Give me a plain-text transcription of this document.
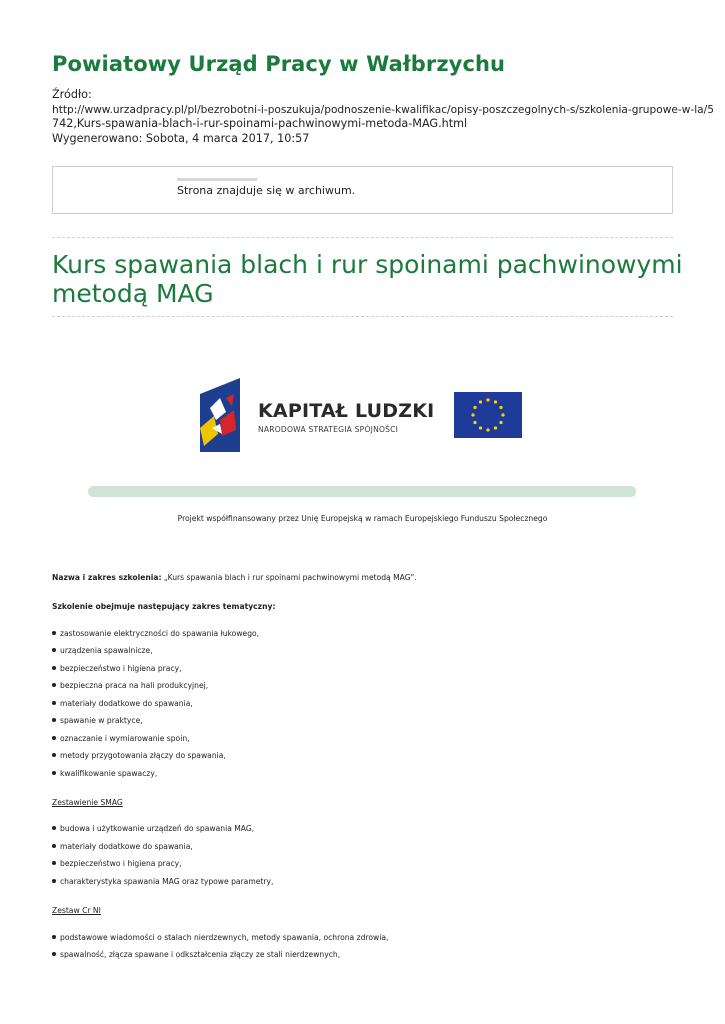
Powiatowy Urząd Pracy w Wałbrzychu
Źródło:
http://www.urzadpracy.pl/pl/bezrobotni-i-poszukuja/podnoszenie-kwalifikac/opisy-poszczegolnych-s/szkolenia-grupowe-w-la/5
742,Kurs-spawania-blach-i-rur-spoinami-pachwinowymi-metoda-MAG.html
Wygenerowano: Sobota, 4 marca 2017, 10:57
Strona znajduje się w archiwum.
Kurs spawania blach i rur spoinami pachwinowymi
metodą MAG
KAPITAŁ LUDZKI
NARODOWA STRATEGIA SPÓJNOŚCI
Projekt współfinansowany przez Unię Europejską w ramach Europejskiego Funduszu Społecznego
Nazwa i zakres szkolenia: „Kurs spawania blach i rur spoinami pachwinowymi metodą MAG".
Szkolenie obejmuje następujący zakres tematyczny:
zastosowanie elektryczności do spawania łukowego,
urządzenia spawalnicze,
bezpieczeństwo i higiena pracy,
bezpieczna praca na hali produkcyjnej,
materiały dodatkowe do spawania,
spawanie w praktyce,
oznaczanie i wymiarowanie spoin,
metody przygotowania złączy do spawania,
kwalifikowanie spawaczy,
Zestawienie SMAG
budowa i użytkowanie urządzeń do spawania MAG,
materiały dodatkowe do spawania,
bezpieczeństwo i higiena pracy,
charakterystyka spawania MAG oraz typowe parametry,
Zestaw Cr NI
podstawowe wiadomości o stalach nierdzewnych, metody spawania, ochrona zdrowia,
spawalność, złącza spawane i odkształcenia złączy ze stali nierdzewnych,
